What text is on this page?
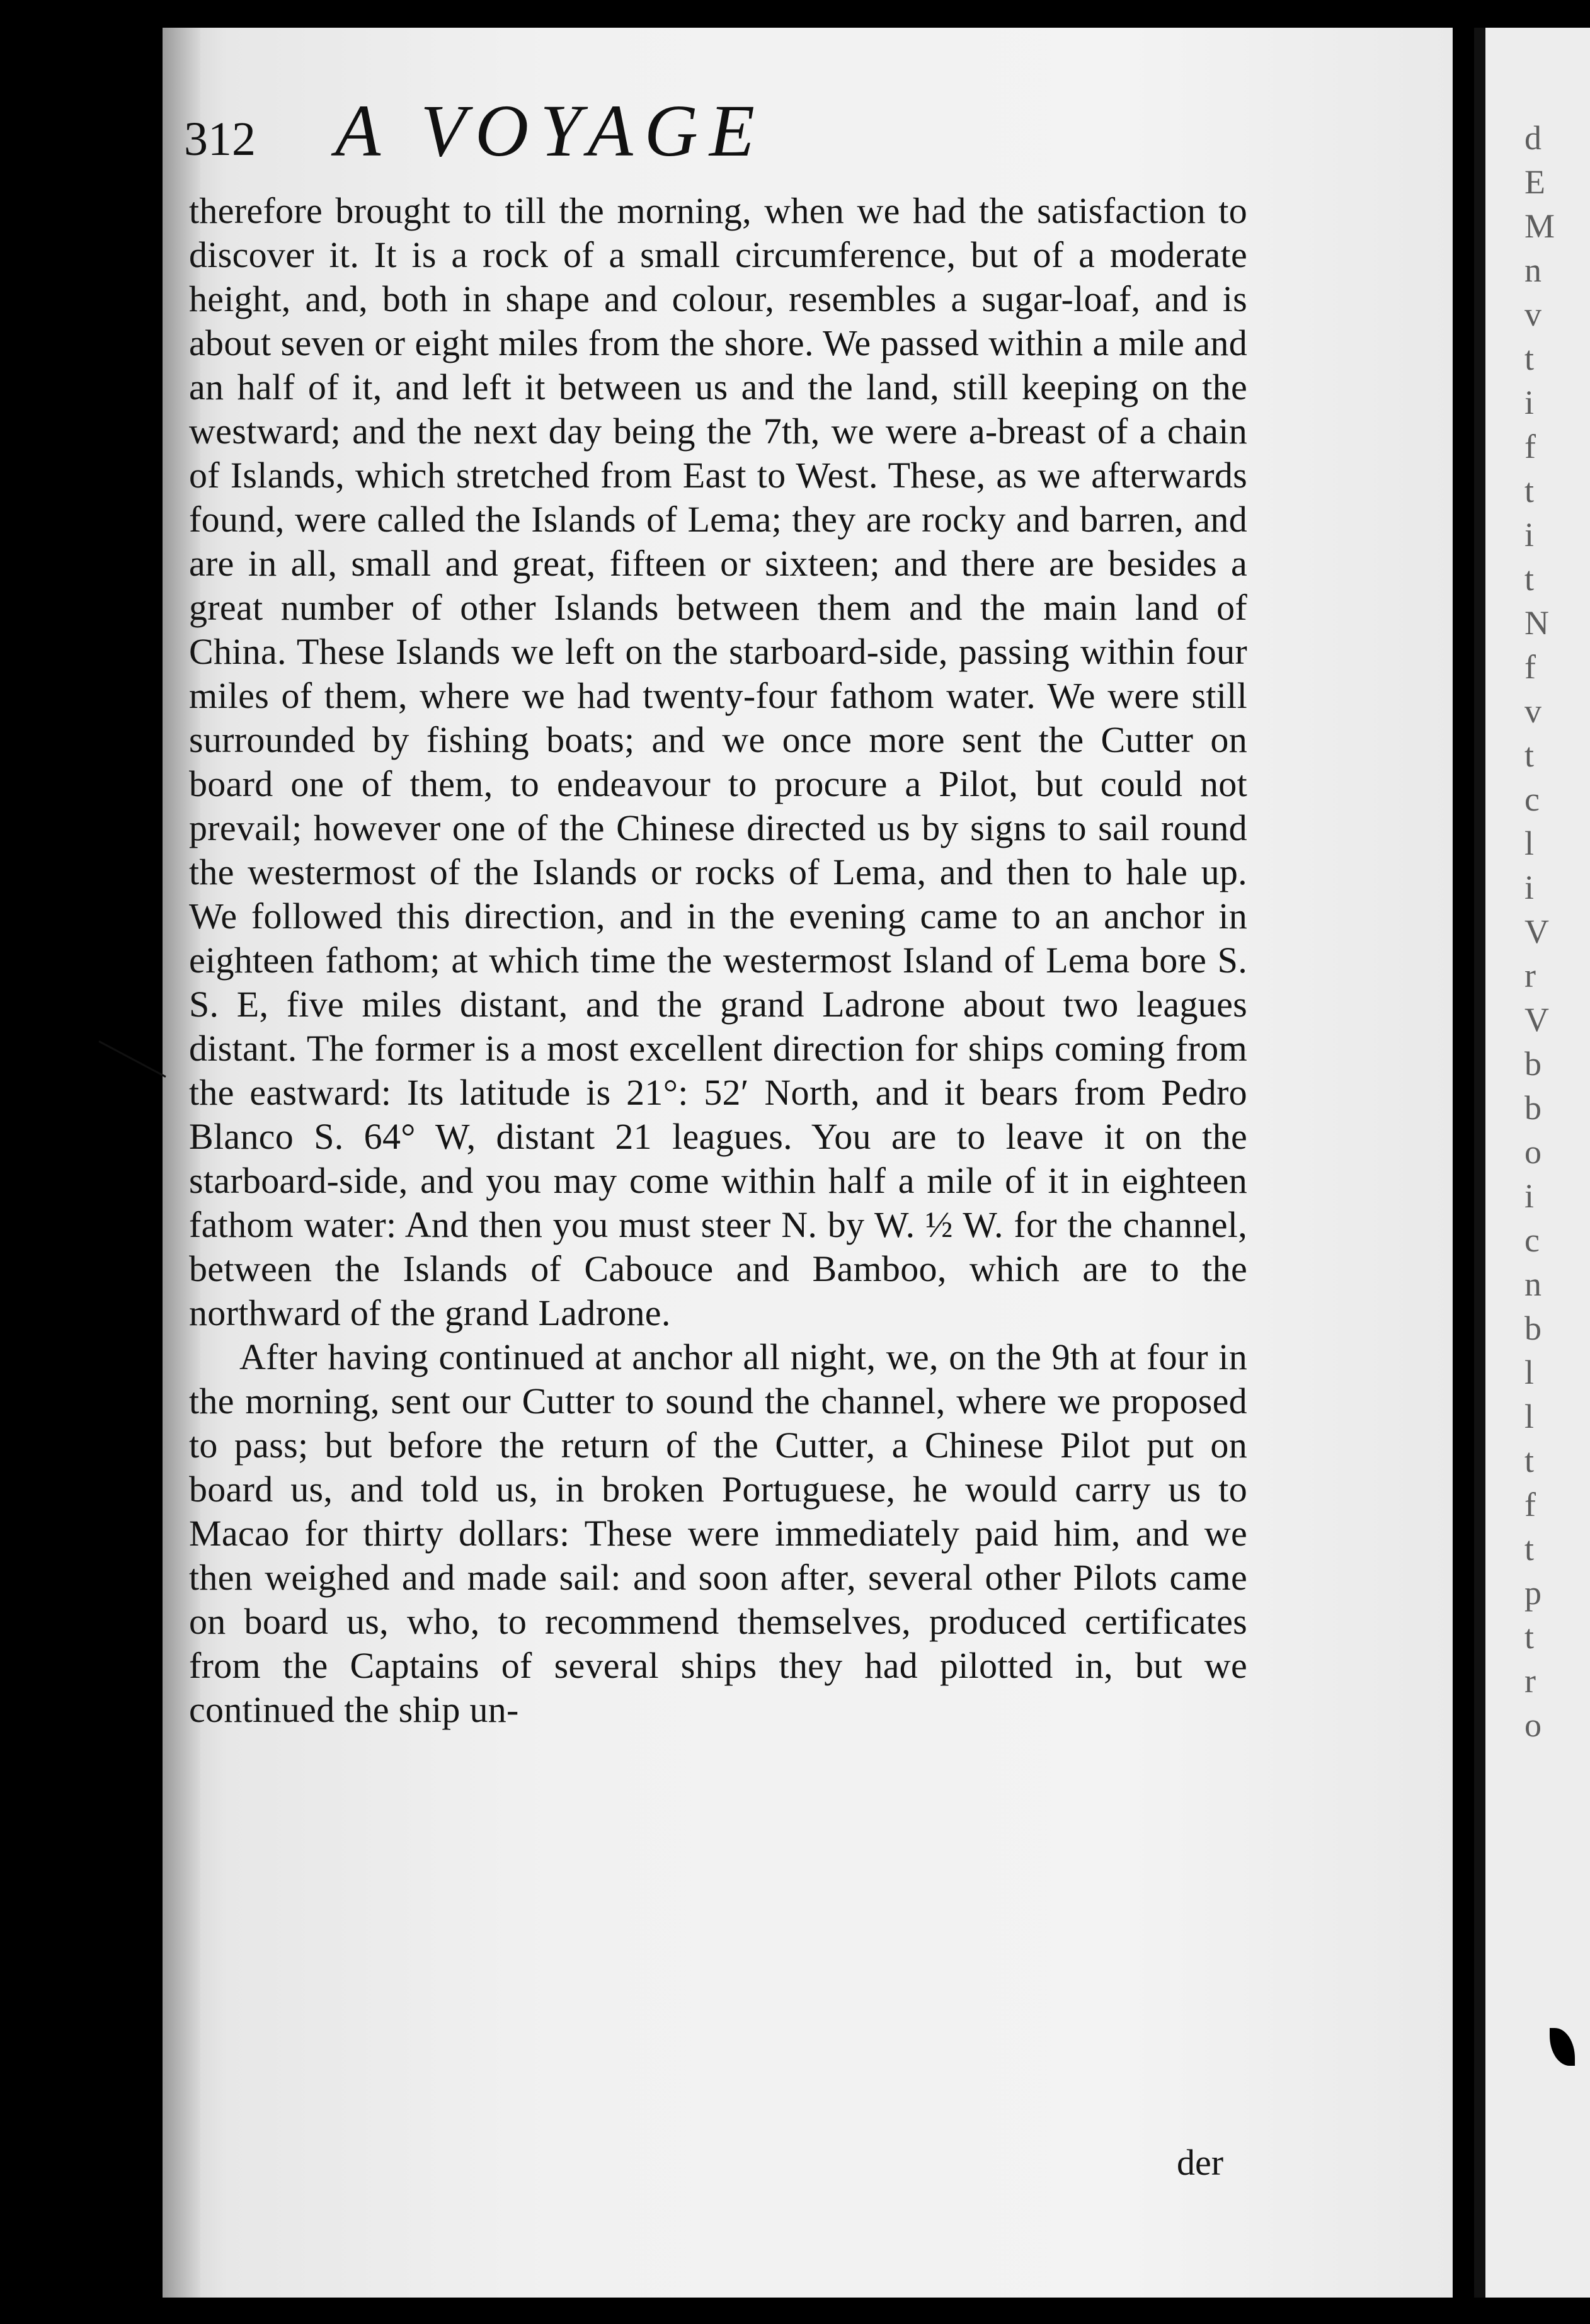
312 A VOYAGE

therefore brought to till the morning, when we had the satisfaction to discover it. It is a rock of a small circumference, but of a moderate height, and, both in shape and colour, resembles a sugar-loaf, and is about seven or eight miles from the shore. We passed within a mile and an half of it, and left it between us and the land, still keeping on the westward; and the next day being the 7th, we were a-breast of a chain of Islands, which stretched from East to West. These, as we afterwards found, were called the Islands of Lema; they are rocky and barren, and are in all, small and great, fifteen or sixteen; and there are besides a great number of other Islands between them and the main land of China. These Islands we left on the starboard-side, passing within four miles of them, where we had twenty-four fathom water. We were still surrounded by fishing boats; and we once more sent the Cutter on board one of them, to endeavour to procure a Pilot, but could not prevail; however one of the Chinese directed us by signs to sail round the westermost of the Islands or rocks of Lema, and then to hale up. We followed this direction, and in the evening came to an anchor in eighteen fathom; at which time the westermost Island of Lema bore S. S. E, five miles distant, and the grand Ladrone about two leagues distant. The former is a most excellent direction for ships coming from the eastward: Its latitude is 21°: 52′ North, and it bears from Pedro Blanco S. 64° W, distant 21 leagues. You are to leave it on the starboard-side, and you may come within half a mile of it in eighteen fathom water: And then you must steer N. by W. ½ W. for the channel, between the Islands of Cabouce and Bamboo, which are to the northward of the grand Ladrone.

After having continued at anchor all night, we, on the 9th at four in the morning, sent our Cutter to sound the channel, where we proposed to pass; but before the return of the Cutter, a Chinese Pilot put on board us, and told us, in broken Portuguese, he would carry us to Macao for thirty dollars: These were immediately paid him, and we then weighed and made sail: and soon after, several other Pilots came on board us, who, to recommend themselves, produced certificates from the Captains of several ships they had pilotted in, but we continued the ship un-

der
d
E
M
n
v
t
i
f
t
i
t
N
f
v
t
c
l
i
V
r
V
b
b
o
i
c
n
b
l
l
t
f
t
p
t
r
o
